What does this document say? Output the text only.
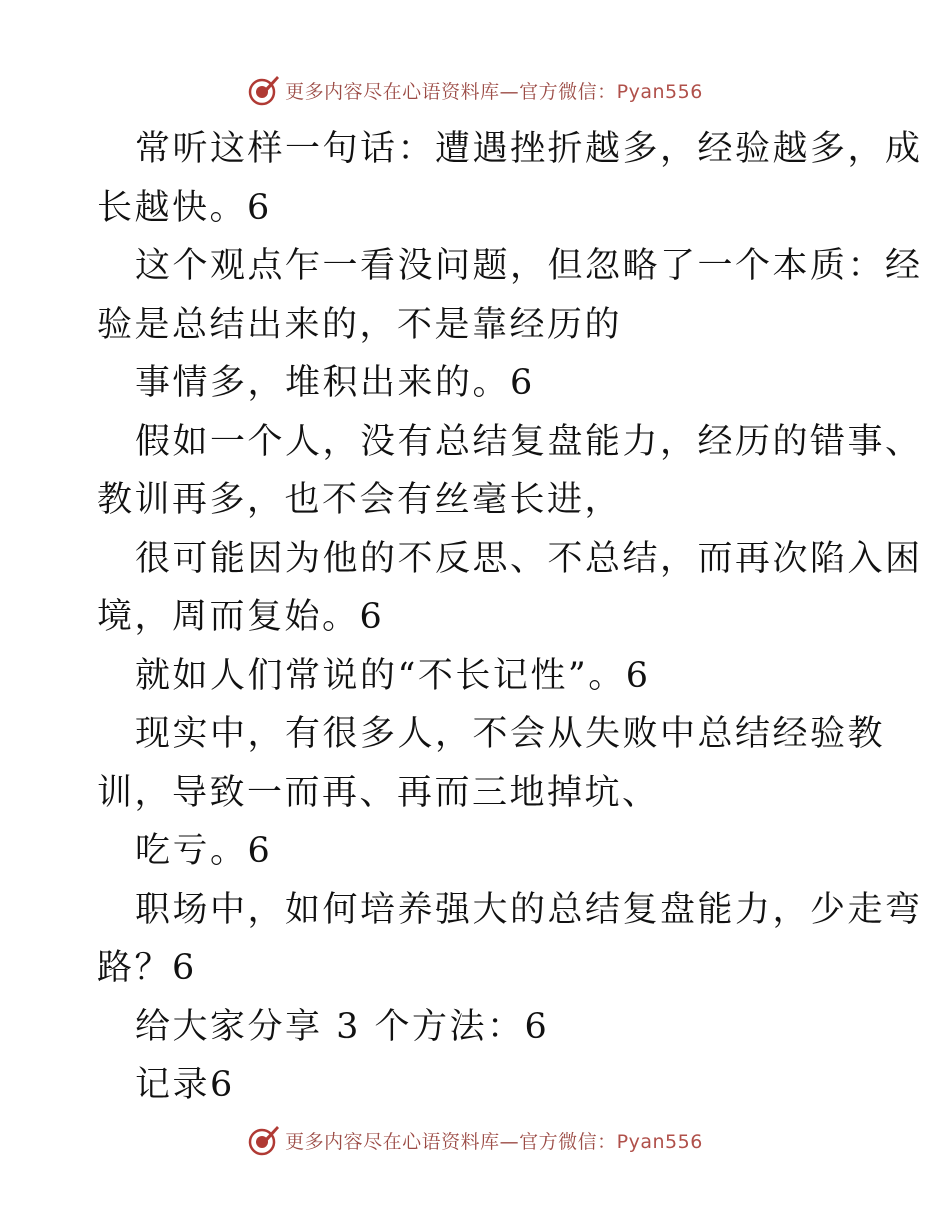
更多内容尽在心语资料库—官方微信：Pyan556
常听这样一句话：遭遇挫折越多，经验越多，成
长越快。6
这个观点乍一看没问题，但忽略了一个本质：经
验是总结出来的，不是靠经历的
事情多，堆积出来的。6
假如一个人，没有总结复盘能力，经历的错事、
教训再多，也不会有丝毫长进，
很可能因为他的不反思、不总结，而再次陷入困
境，周而复始。6
就如人们常说的“不长记性”。6
现实中，有很多人，不会从失败中总结经验教
训，导致一而再、再而三地掉坑、
吃亏。6
职场中，如何培养强大的总结复盘能力，少走弯
路？6
给大家分享 3 个方法：6
记录6
更多内容尽在心语资料库—官方微信：Pyan556
